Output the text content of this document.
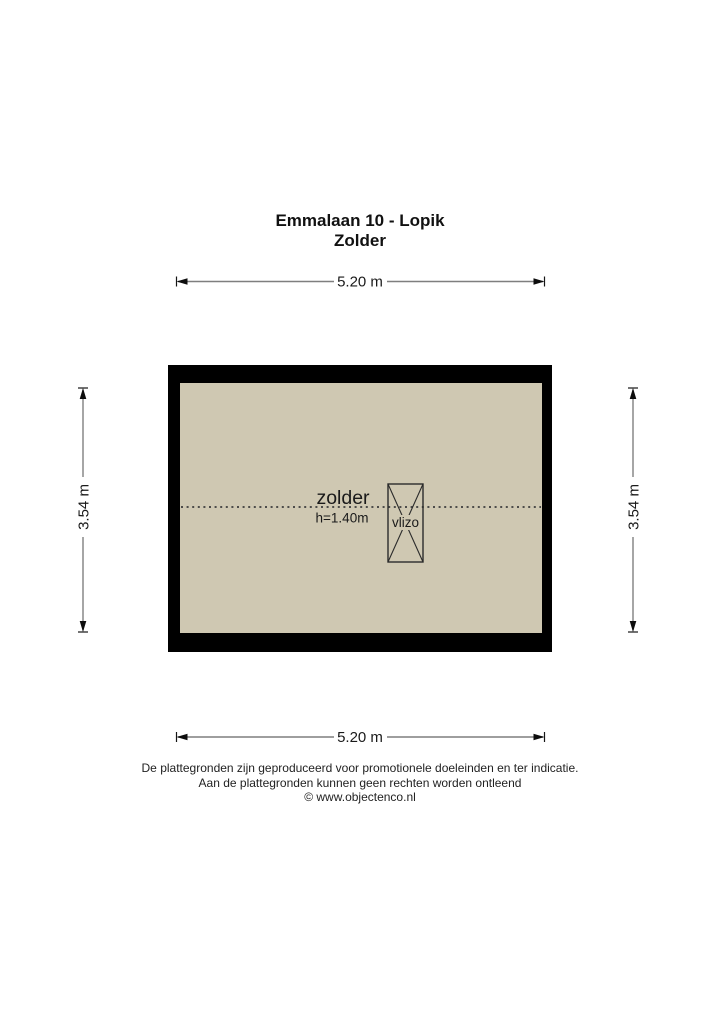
Emmalaan 10 - Lopik
Zolder
5.20 m
3.54 m	3.54 m
vlizo
zolder
h=1.40m
5.20 m
De plattegronden zijn geproduceerd voor promotionele doeleinden en ter indicatie.
Aan de plattegronden kunnen geen rechten worden ontleend
© www.objectenco.nl
